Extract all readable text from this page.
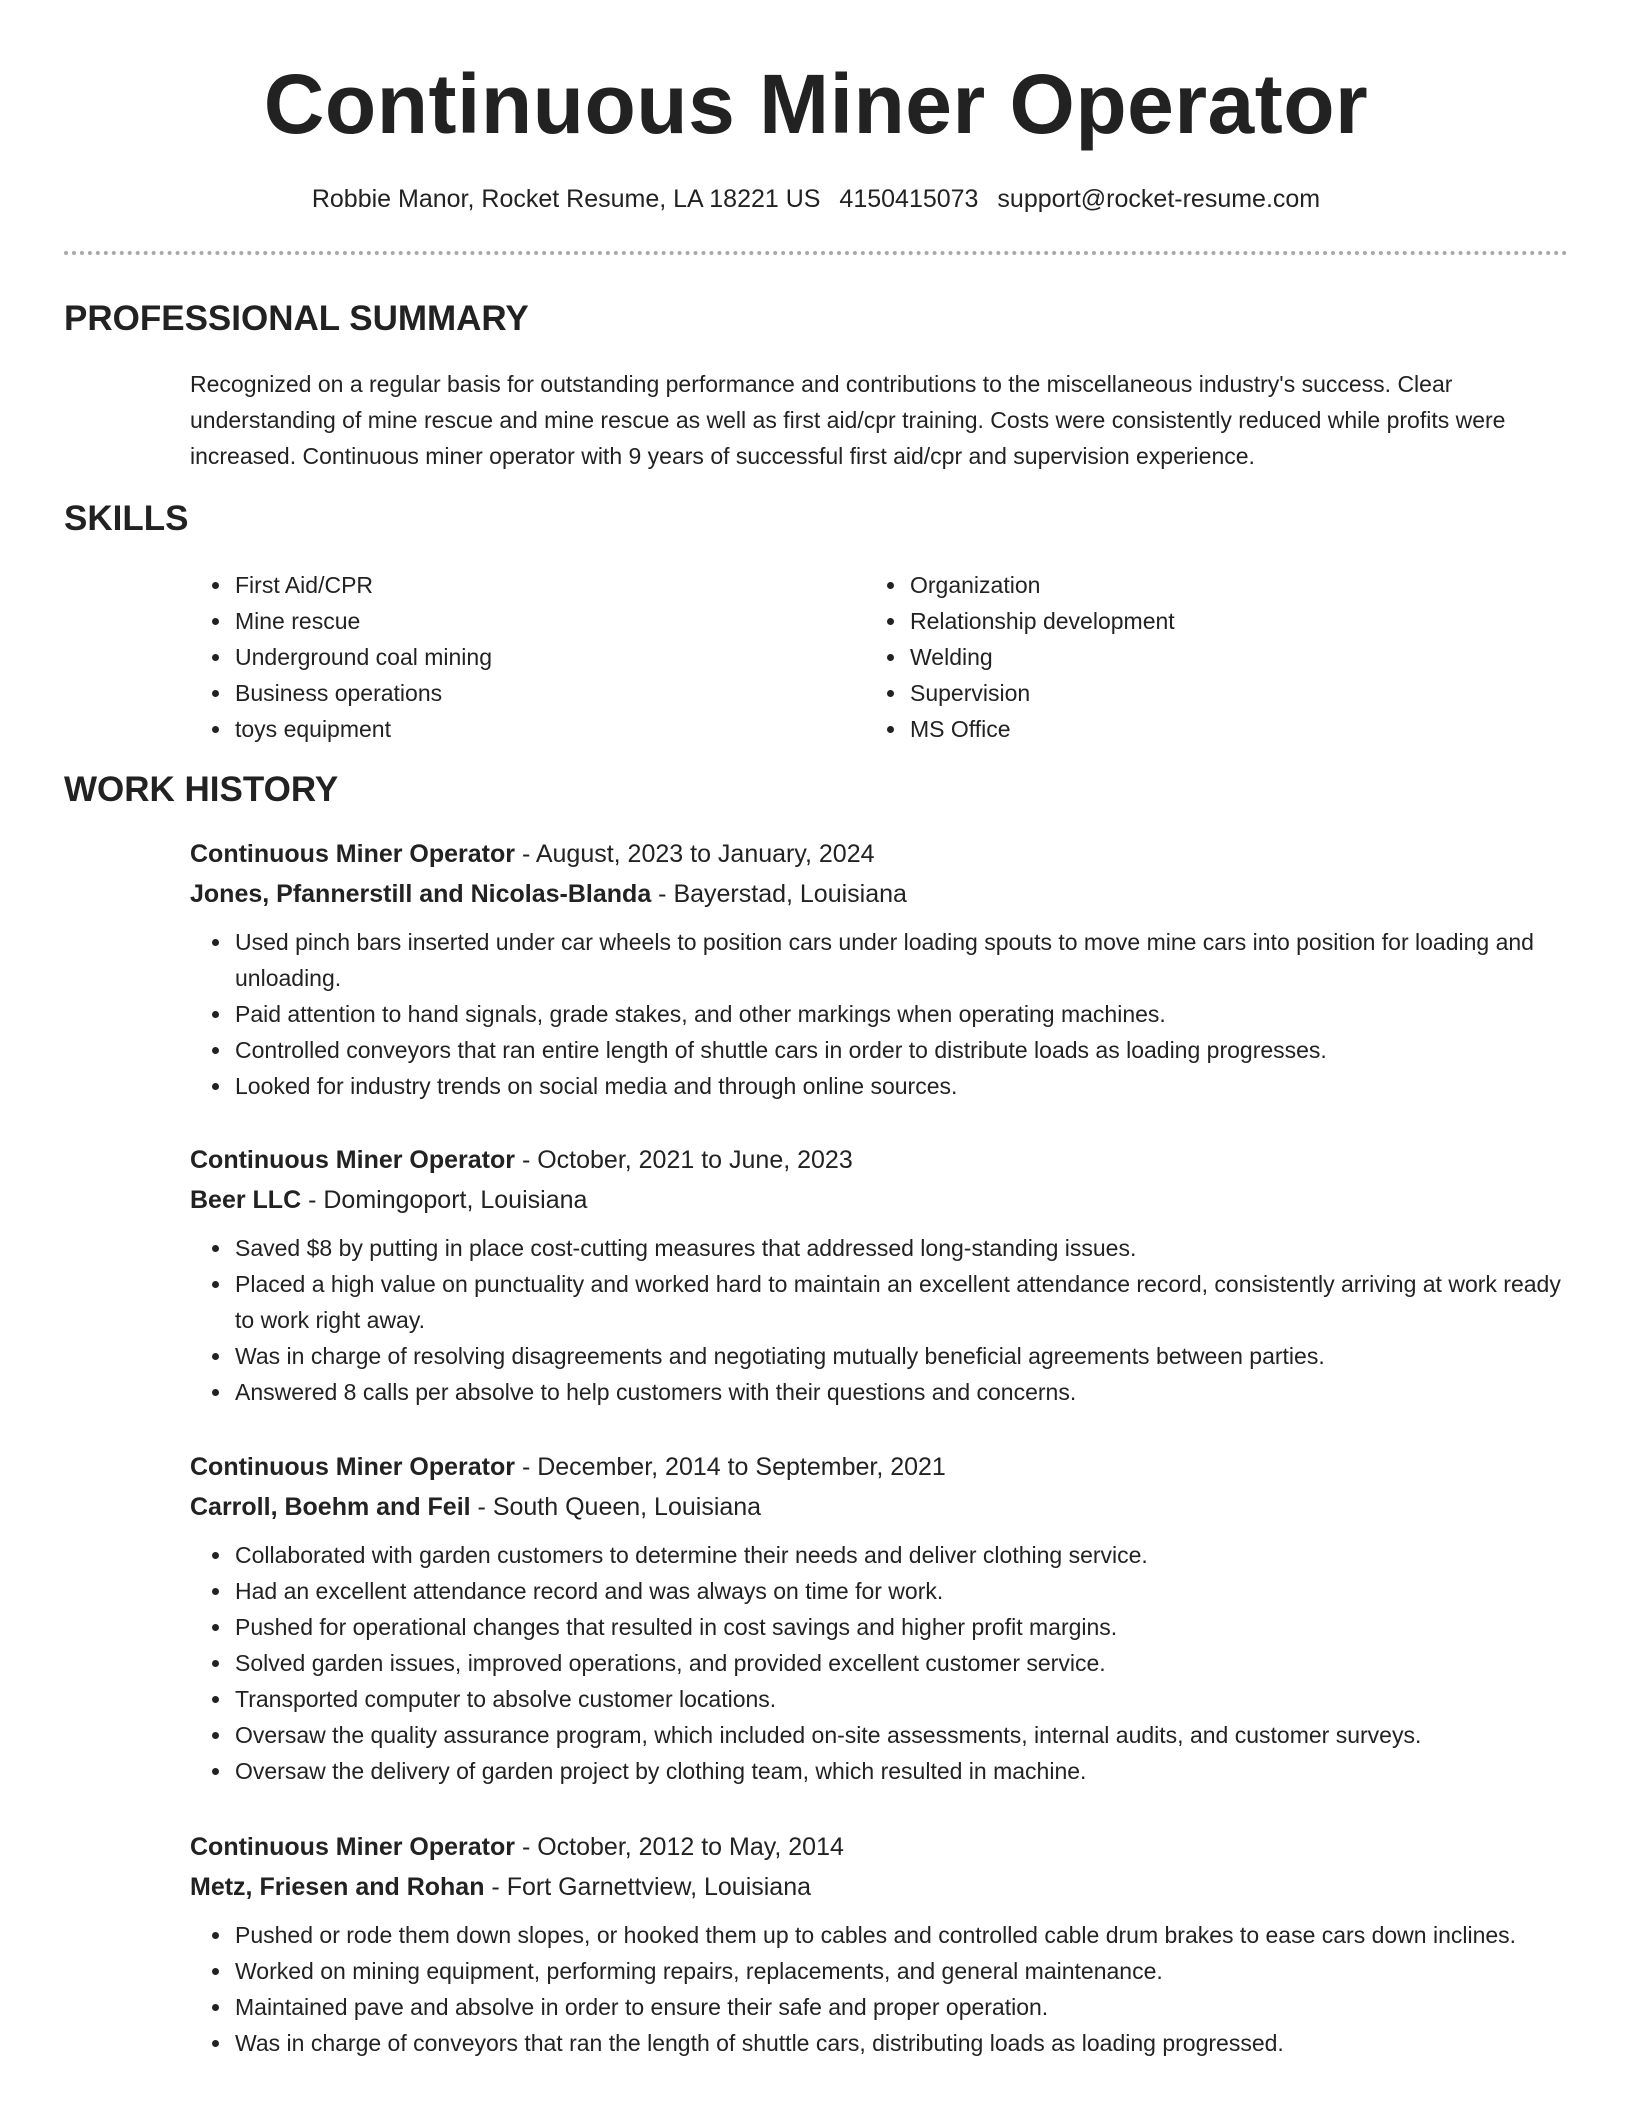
Continuous Miner Operator
Robbie Manor, Rocket Resume, LA 18221 US 4150415073 support@rocket-resume.com
PROFESSIONAL SUMMARY
Recognized on a regular basis for outstanding performance and contributions to the miscellaneous industry's success. Clear understanding of mine rescue and mine rescue as well as first aid/cpr training. Costs were consistently reduced while profits were increased. Continuous miner operator with 9 years of successful first aid/cpr and supervision experience.
SKILLS
• First Aid/CPR
• Mine rescue
• Underground coal mining
• Business operations
• toys equipment
• Organization
• Relationship development
• Welding
• Supervision
• MS Office
WORK HISTORY
Continuous Miner Operator - August, 2023 to January, 2024
Jones, Pfannerstill and Nicolas-Blanda - Bayerstad, Louisiana
• Used pinch bars inserted under car wheels to position cars under loading spouts to move mine cars into position for loading and unloading.
• Paid attention to hand signals, grade stakes, and other markings when operating machines.
• Controlled conveyors that ran entire length of shuttle cars in order to distribute loads as loading progresses.
• Looked for industry trends on social media and through online sources.
Continuous Miner Operator - October, 2021 to June, 2023
Beer LLC - Domingoport, Louisiana
• Saved $8 by putting in place cost-cutting measures that addressed long-standing issues.
• Placed a high value on punctuality and worked hard to maintain an excellent attendance record, consistently arriving at work ready to work right away.
• Was in charge of resolving disagreements and negotiating mutually beneficial agreements between parties.
• Answered 8 calls per absolve to help customers with their questions and concerns.
Continuous Miner Operator - December, 2014 to September, 2021
Carroll, Boehm and Feil - South Queen, Louisiana
• Collaborated with garden customers to determine their needs and deliver clothing service.
• Had an excellent attendance record and was always on time for work.
• Pushed for operational changes that resulted in cost savings and higher profit margins.
• Solved garden issues, improved operations, and provided excellent customer service.
• Transported computer to absolve customer locations.
• Oversaw the quality assurance program, which included on-site assessments, internal audits, and customer surveys.
• Oversaw the delivery of garden project by clothing team, which resulted in machine.
Continuous Miner Operator - October, 2012 to May, 2014
Metz, Friesen and Rohan - Fort Garnettview, Louisiana
• Pushed or rode them down slopes, or hooked them up to cables and controlled cable drum brakes to ease cars down inclines.
• Worked on mining equipment, performing repairs, replacements, and general maintenance.
• Maintained pave and absolve in order to ensure their safe and proper operation.
• Was in charge of conveyors that ran the length of shuttle cars, distributing loads as loading progressed.
